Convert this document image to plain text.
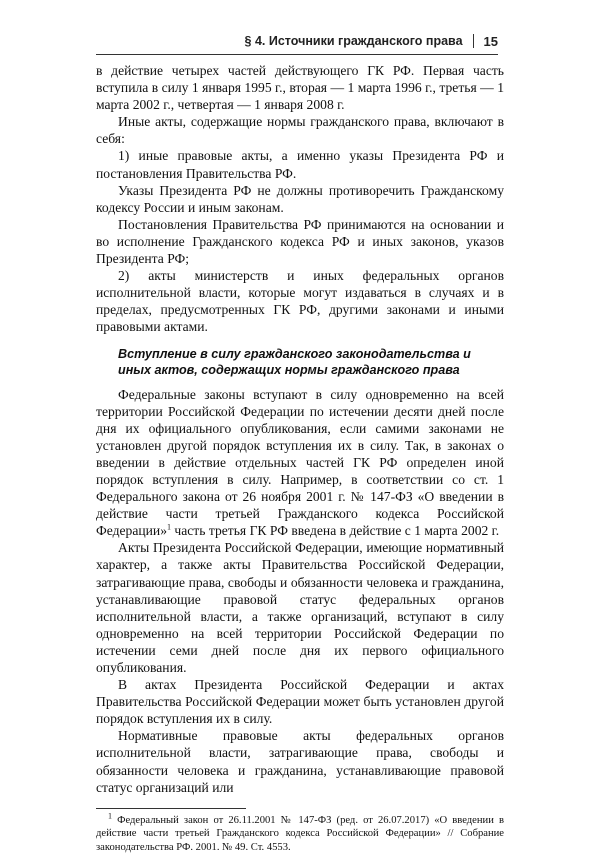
§ 4. Источники гражданского права 15

в действие четырех частей действующего ГК РФ. Первая часть вступила в силу 1 января 1995 г., вторая — 1 марта 1996 г., третья — 1 марта 2002 г., четвертая — 1 января 2008 г.

Иные акты, содержащие нормы гражданского права, включают в себя:

1) иные правовые акты, а именно указы Президента РФ и постановления Правительства РФ.

Указы Президента РФ не должны противоречить Гражданскому кодексу России и иным законам.

Постановления Правительства РФ принимаются на основании и во исполнение Гражданского кодекса РФ и иных законов, указов Президента РФ;

2) акты министерств и иных федеральных органов исполнительной власти, которые могут издаваться в случаях и в пределах, предусмотренных ГК РФ, другими законами и иными правовыми актами.

Вступление в силу гражданского законодательства и иных актов, содержащих нормы гражданского права

Федеральные законы вступают в силу одновременно на всей территории Российской Федерации по истечении десяти дней после дня их официального опубликования, если самими законами не установлен другой порядок вступления их в силу. Так, в законах о введении в действие отдельных частей ГК РФ определен иной порядок вступления в силу. Например, в соответствии со ст. 1 Федерального закона от 26 ноября 2001 г. № 147-ФЗ «О введении в действие части третьей Гражданского кодекса Российской Федерации»$^1$ часть третья ГК РФ введена в действие с 1 марта 2002 г.

Акты Президента Российской Федерации, имеющие нормативный характер, а также акты Правительства Российской Федерации, затрагивающие права, свободы и обязанности человека и гражданина, устанавливающие правовой статус федеральных органов исполнительной власти, а также организаций, вступают в силу одновременно на всей территории Российской Федерации по истечении семи дней после дня их первого официального опубликования.

В актах Президента Российской Федерации и актах Правительства Российской Федерации может быть установлен другой порядок вступления их в силу.

Нормативные правовые акты федеральных органов исполнительной власти, затрагивающие права, свободы и обязанности человека и гражданина, устанавливающие правовой статус организаций или

$^1$ Федеральный закон от 26.11.2001 № 147-ФЗ (ред. от 26.07.2017) «О введении в действие части третьей Гражданского кодекса Российской Федерации» // Собрание законодательства РФ. 2001. № 49. Ст. 4553.
